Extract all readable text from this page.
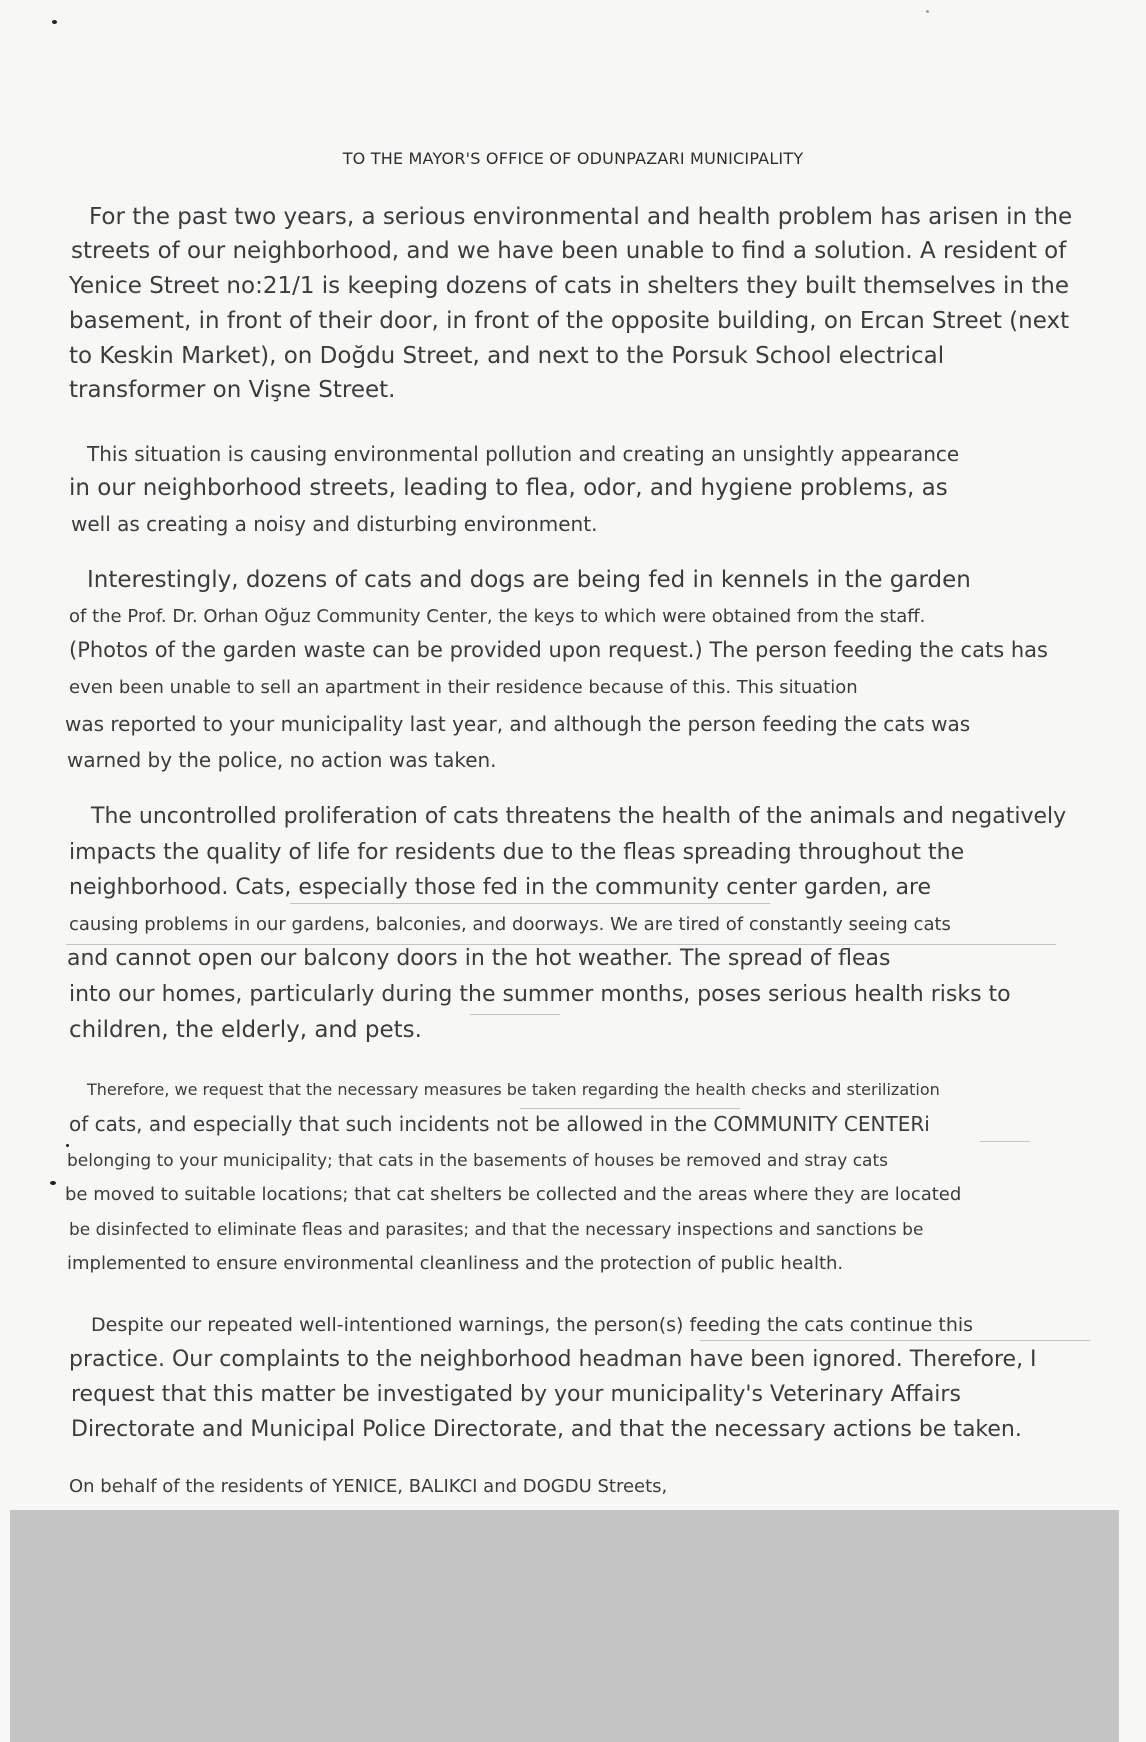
TO THE MAYOR'S OFFICE OF ODUNPAZARI MUNICIPALITY
For the past two years, a serious environmental and health problem has arisen in the
streets of our neighborhood, and we have been unable to find a solution. A resident of
Yenice Street no:21/1 is keeping dozens of cats in shelters they built themselves in the
basement, in front of their door, in front of the opposite building, on Ercan Street (next
to Keskin Market), on Doğdu Street, and next to the Porsuk School electrical
transformer on Vişne Street.
This situation is causing environmental pollution and creating an unsightly appearance
in our neighborhood streets, leading to flea, odor, and hygiene problems, as
well as creating a noisy and disturbing environment.
Interestingly, dozens of cats and dogs are being fed in kennels in the garden
of the Prof. Dr. Orhan Oğuz Community Center, the keys to which were obtained from the staff.
(Photos of the garden waste can be provided upon request.) The person feeding the cats has
even been unable to sell an apartment in their residence because of this. This situation
was reported to your municipality last year, and although the person feeding the cats was
warned by the police, no action was taken.
The uncontrolled proliferation of cats threatens the health of the animals and negatively
impacts the quality of life for residents due to the fleas spreading throughout the
neighborhood. Cats, especially those fed in the community center garden, are
causing problems in our gardens, balconies, and doorways. We are tired of constantly seeing cats
and cannot open our balcony doors in the hot weather. The spread of fleas
into our homes, particularly during the summer months, poses serious health risks to
children, the elderly, and pets.
Therefore, we request that the necessary measures be taken regarding the health checks and sterilization
of cats, and especially that such incidents not be allowed in the COMMUNITY CENTERi
belonging to your municipality; that cats in the basements of houses be removed and stray cats
be moved to suitable locations; that cat shelters be collected and the areas where they are located
be disinfected to eliminate fleas and parasites; and that the necessary inspections and sanctions be
implemented to ensure environmental cleanliness and the protection of public health.
Despite our repeated well-intentioned warnings, the person(s) feeding the cats continue this
practice. Our complaints to the neighborhood headman have been ignored. Therefore, I
request that this matter be investigated by your municipality's Veterinary Affairs
Directorate and Municipal Police Directorate, and that the necessary actions be taken.
On behalf of the residents of YENICE, BALIKCI and DOGDU Streets,
